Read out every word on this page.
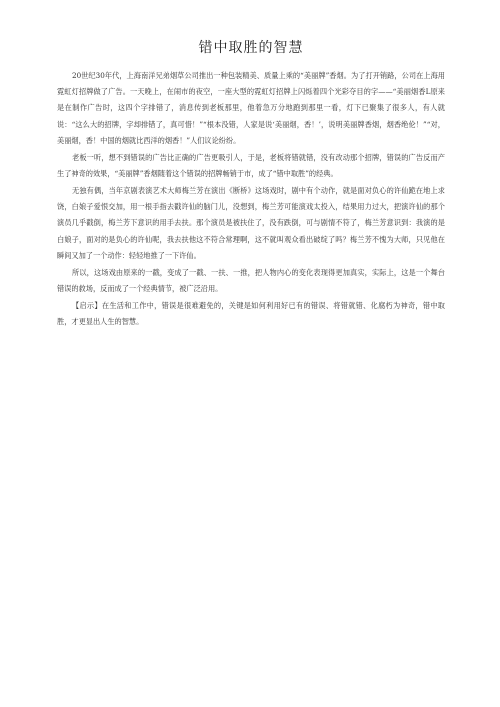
错中取胜的智慧

20世纪30年代，上海南洋兄弟烟草公司推出一种包装精美、质量上乘的“美丽牌”香烟。为了打开销路，公司在上海用霓虹灯招牌做了广告。一天晚上，在闹市的夜空，一座大型的霓虹灯招牌上闪烁着四个光彩夺目的字——“美丽烟香L原来是在制作广告时，这四个字排错了，消息传到老板那里，他着急万分地跑到那里一看，灯下已聚集了很多人，有人就说：“这么大的招牌，字却排错了，真可惜！”“根本没错，人家是说‘美丽烟，香！’，说明美丽牌香烟，烟香绝伦！”“对，美丽烟，香！中国的烟就比西洋的烟香！”人们议论纷纷。

老板一听，想不到错误的广告比正确的广告更吸引人，于是，老板将错就错，没有改动那个招牌，错误的广告反而产生了神奇的效果，“美丽牌”香烟随着这个错误的招牌畅销于市，成了“错中取胜”的经典。

无独有偶，当年京剧表演艺术大师梅兰芳在演出《断桥》这场戏时，剧中有个动作，就是面对负心的许仙跪在地上求饶，白娘子爱恨交加，用一根手指去戳许仙的脑门儿，没想到，梅兰芳可能演戏太投入，结果用力过大，把演许仙的那个演员几乎戳倒，梅兰芳下意识的用手去扶。那个演员是被扶住了，没有跌倒，可与剧情不符了，梅兰芳意识到：我演的是白娘子，面对的是负心的许仙呢，我去扶他这不符合常理啊，这不就叫观众看出破绽了吗？梅兰芳不愧为大师，只见他在瞬间又加了一个动作：轻轻地推了一下许仙。

所以，这场戏由原来的一戳，变成了一戳、一扶、一推，把人物内心的变化表现得更加真实，实际上，这是一个舞台错误的救场，反而成了一个经典情节，被广泛沿用。

【启示】在生活和工作中，错误是很难避免的，关键是如何利用好已有的错误、将错就错、化腐朽为神奇，错中取胜，才更显出人生的智慧。
